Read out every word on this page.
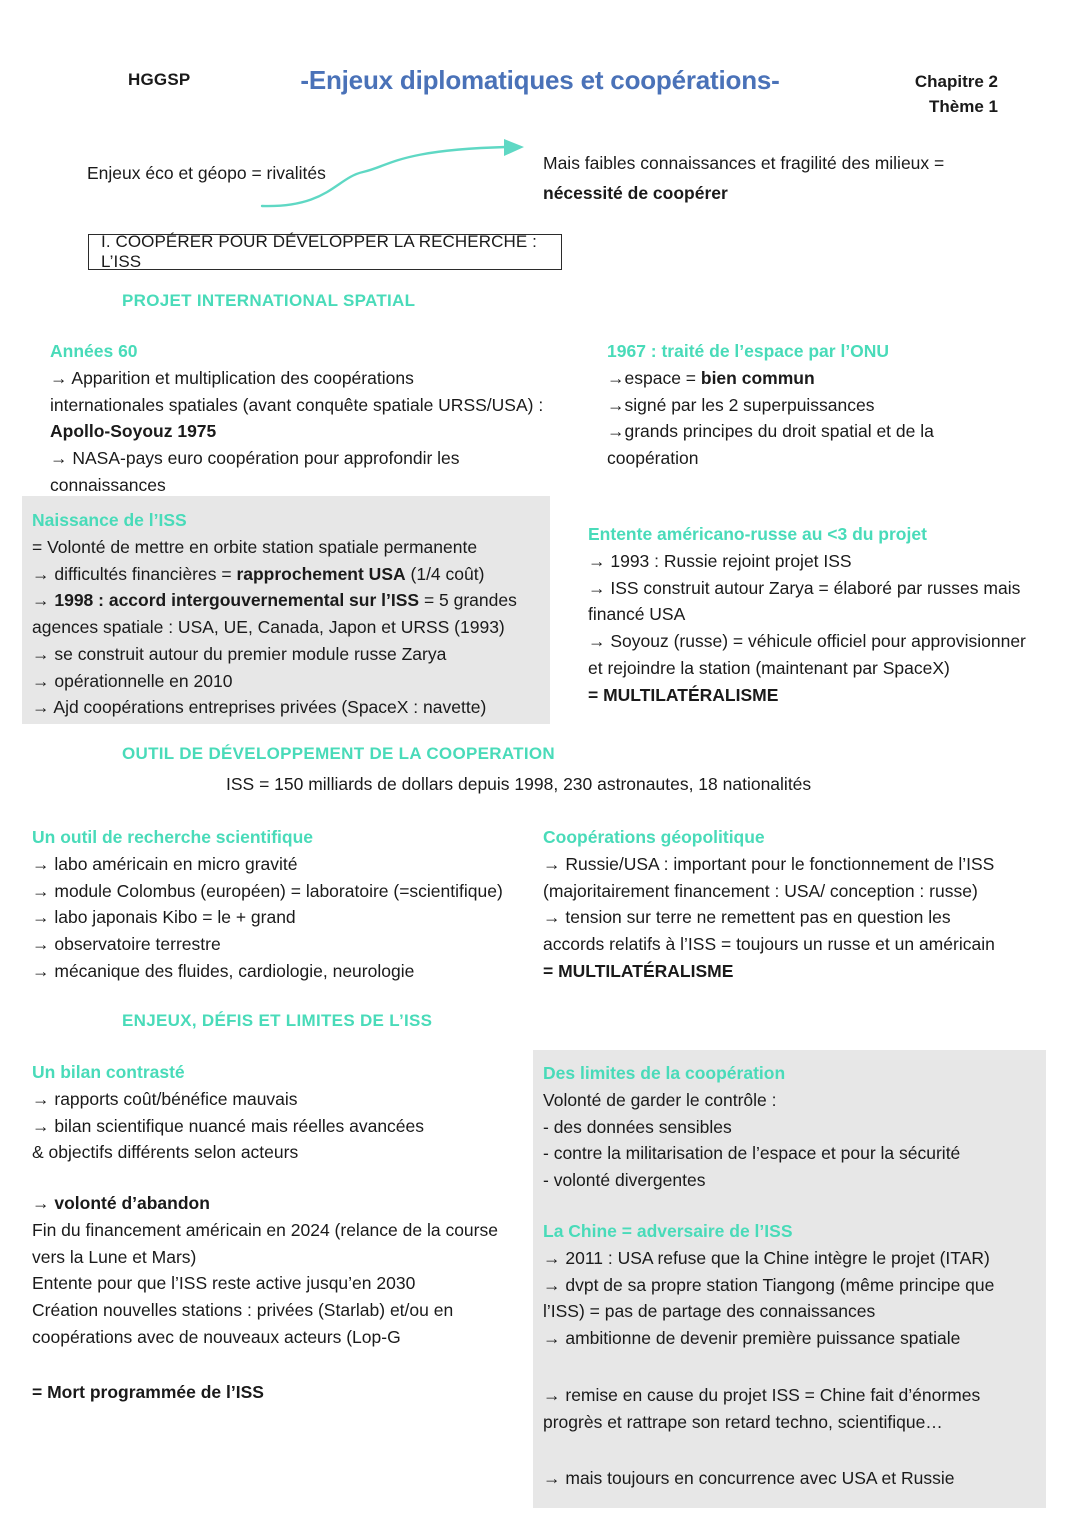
HGGSP	-Enjeux diplomatiques et coopérations-	Chapitre 2
Thème 1
Enjeux éco et géopo = rivalités	Mais faibles connaissances et fragilité des milieux = nécessité de coopérer
I. COOPÉRER POUR DÉVELOPPER LA RECHERCHE : L’ISS
PROJET INTERNATIONAL SPATIAL
Années 60
→ Apparition et multiplication des coopérations
internationales spatiales (avant conquête spatiale URSS/USA) :
Apollo-Soyouz 1975
→ NASA-pays euro coopération pour approfondir les
connaissances
1967 : traité de l’espace par l’ONU
→espace = bien commun
→signé par les 2 superpuissances
→grands principes du droit spatial et de la
coopération
Naissance de l’ISS
= Volonté de mettre en orbite station spatiale permanente
→ difficultés financières = rapprochement USA (1/4 coût)
→ 1998 : accord intergouvernemental sur l’ISS = 5 grandes
agences spatiale : USA, UE, Canada, Japon et URSS (1993)
→ se construit autour du premier module russe Zarya
→ opérationnelle en 2010
→ Ajd coopérations entreprises privées (SpaceX : navette)
Entente américano-russe au <3 du projet
→ 1993 : Russie rejoint projet ISS
→ ISS construit autour Zarya = élaboré par russes mais
financé USA
→ Soyouz (russe) = véhicule officiel pour approvisionner
et rejoindre la station (maintenant par SpaceX)
= MULTILATÉRALISME
OUTIL DE DÉVELOPPEMENT DE LA COOPERATION
ISS = 150 milliards de dollars depuis 1998, 230 astronautes, 18 nationalités
Un outil de recherche scientifique
→ labo américain en micro gravité
→ module Colombus (européen) = laboratoire (=scientifique)
→ labo japonais Kibo = le + grand
→ observatoire terrestre
→ mécanique des fluides, cardiologie, neurologie
Coopérations géopolitique
→ Russie/USA : important pour le fonctionnement de l’ISS
(majoritairement financement : USA/ conception : russe)
→ tension sur terre ne remettent pas en question les
accords relatifs à l’ISS = toujours un russe et un américain
= MULTILATÉRALISME
ENJEUX, DÉFIS ET LIMITES DE L’ISS
Un bilan contrasté
→ rapports coût/bénéfice mauvais
→ bilan scientifique nuancé mais réelles avancées
& objectifs différents selon acteurs
→ volonté d’abandon
Fin du financement américain en 2024 (relance de la course
vers la Lune et Mars)
Entente pour que l’ISS reste active jusqu’en 2030
Création nouvelles stations : privées (Starlab) et/ou en
coopérations avec de nouveaux acteurs (Lop-G

= Mort programmée de l’ISS
Des limites de la coopération
Volonté de garder le contrôle :
- des données sensibles
- contre la militarisation de l’espace et pour la sécurité
- volonté divergentes
La Chine = adversaire de l’ISS
→ 2011 : USA refuse que la Chine intègre le projet (ITAR)
→ dvpt de sa propre station Tiangong (même principe que
l’ISS) = pas de partage des connaissances
→ ambitionne de devenir première puissance spatiale

→ remise en cause du projet ISS = Chine fait d’énormes
progrès et rattrape son retard techno, scientifique…

→ mais toujours en concurrence avec USA et Russie
